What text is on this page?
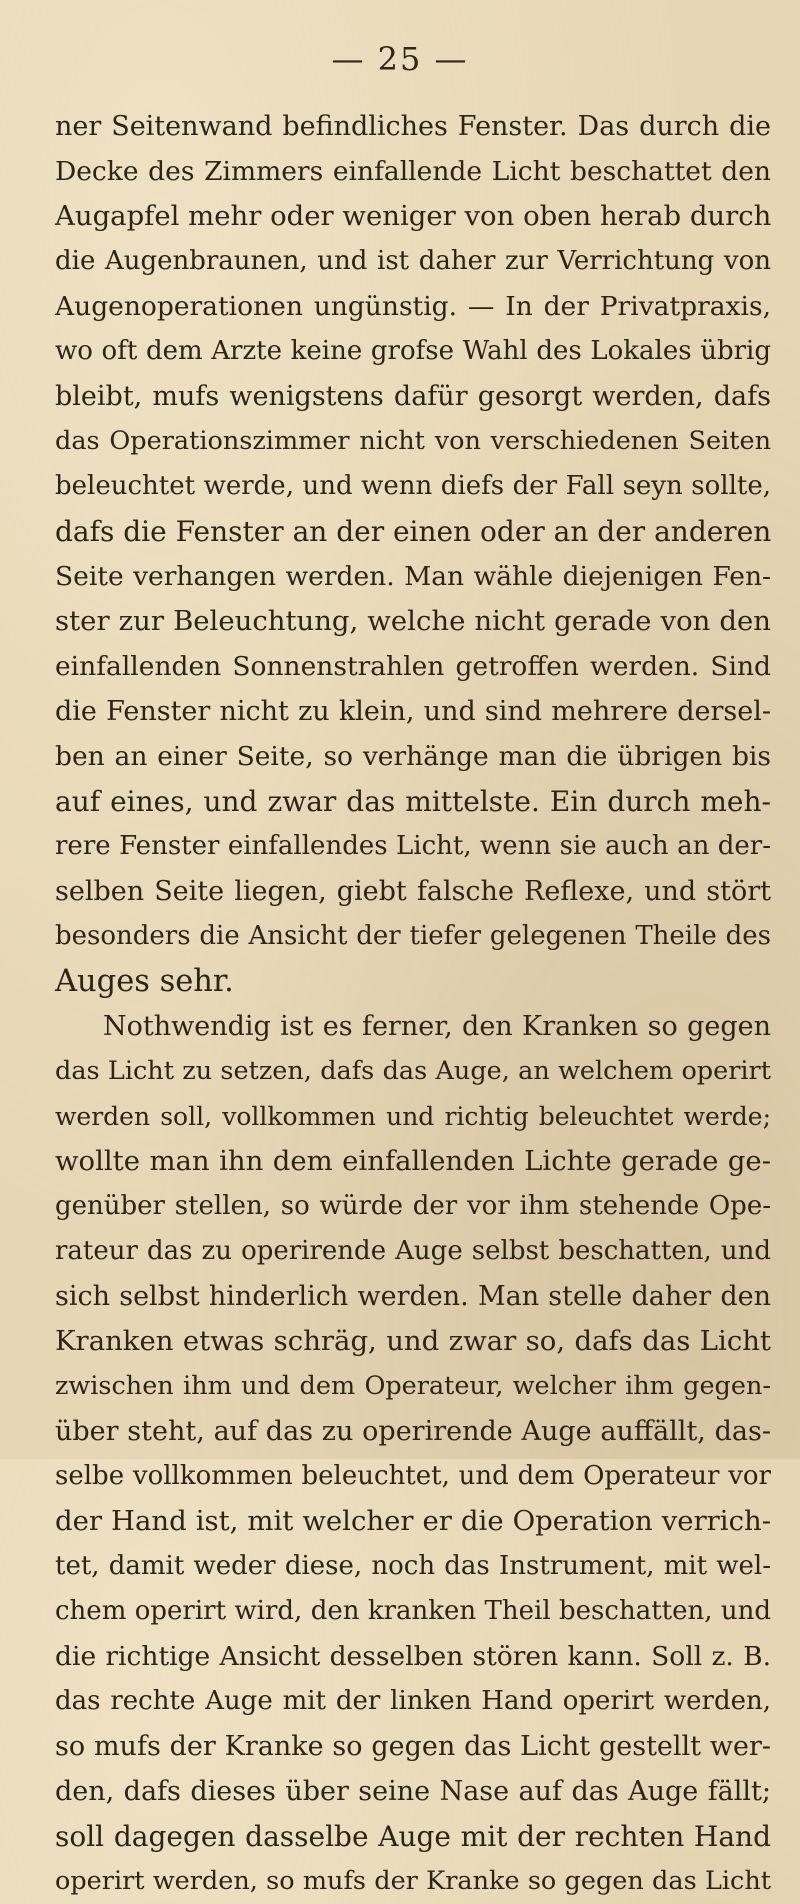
— 25 —
ner Seitenwand befindliches Fenster. Das durch die
Decke des Zimmers einfallende Licht beschattet den
Augapfel mehr oder weniger von oben herab durch
die Augenbraunen, und ist daher zur Verrichtung von
Augenoperationen ungünstig. — In der Privatpraxis,
wo oft dem Arzte keine grofse Wahl des Lokales übrig
bleibt, mufs wenigstens dafür gesorgt werden, dafs
das Operationszimmer nicht von verschiedenen Seiten
beleuchtet werde, und wenn diefs der Fall seyn sollte,
dafs die Fenster an der einen oder an der anderen
Seite verhangen werden. Man wähle diejenigen Fen-
ster zur Beleuchtung, welche nicht gerade von den
einfallenden Sonnenstrahlen getroffen werden. Sind
die Fenster nicht zu klein, und sind mehrere dersel-
ben an einer Seite, so verhänge man die übrigen bis
auf eines, und zwar das mittelste. Ein durch meh-
rere Fenster einfallendes Licht, wenn sie auch an der-
selben Seite liegen, giebt falsche Reflexe, und stört
besonders die Ansicht der tiefer gelegenen Theile des
Auges sehr.
Nothwendig ist es ferner, den Kranken so gegen
das Licht zu setzen, dafs das Auge, an welchem operirt
werden soll, vollkommen und richtig beleuchtet werde;
wollte man ihn dem einfallenden Lichte gerade ge-
genüber stellen, so würde der vor ihm stehende Ope-
rateur das zu operirende Auge selbst beschatten, und
sich selbst hinderlich werden. Man stelle daher den
Kranken etwas schräg, und zwar so, dafs das Licht
zwischen ihm und dem Operateur, welcher ihm gegen-
über steht, auf das zu operirende Auge auffällt, das-
selbe vollkommen beleuchtet, und dem Operateur vor
der Hand ist, mit welcher er die Operation verrich-
tet, damit weder diese, noch das Instrument, mit wel-
chem operirt wird, den kranken Theil beschatten, und
die richtige Ansicht desselben stören kann. Soll z. B.
das rechte Auge mit der linken Hand operirt werden,
so mufs der Kranke so gegen das Licht gestellt wer-
den, dafs dieses über seine Nase auf das Auge fällt;
soll dagegen dasselbe Auge mit der rechten Hand
operirt werden, so mufs der Kranke so gegen das Licht
